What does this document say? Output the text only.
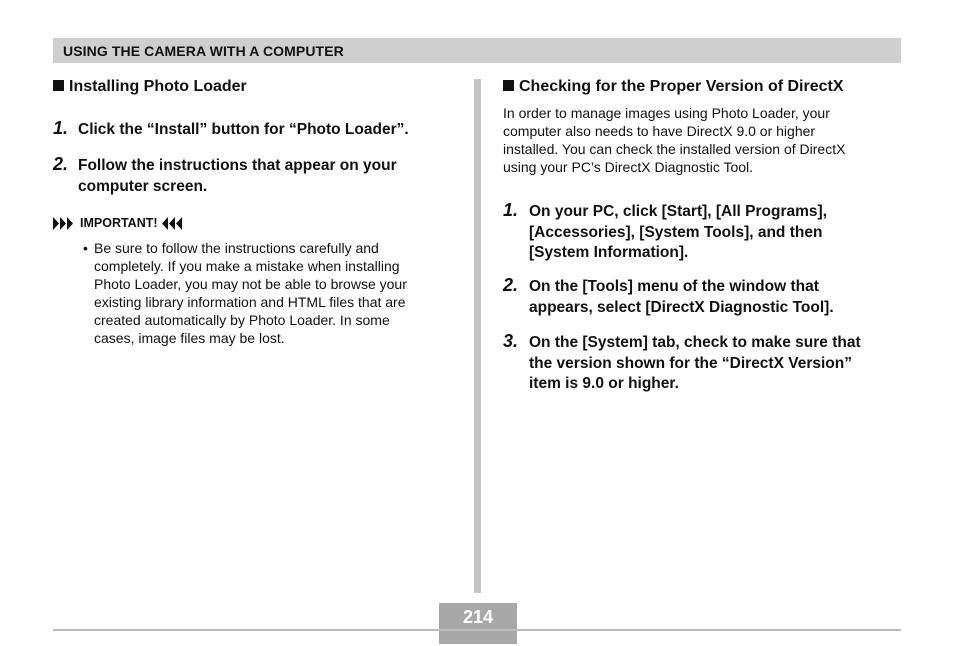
USING THE CAMERA WITH A COMPUTER
Installing Photo Loader
1. Click the “Install” button for “Photo Loader”.
2. Follow the instructions that appear on your
computer screen.
IMPORTANT!
• Be sure to follow the instructions carefully and
completely. If you make a mistake when installing
Photo Loader, you may not be able to browse your
existing library information and HTML files that are
created automatically by Photo Loader. In some
cases, image files may be lost.
Checking for the Proper Version of DirectX
In order to manage images using Photo Loader, your
computer also needs to have DirectX 9.0 or higher
installed. You can check the installed version of DirectX
using your PC’s DirectX Diagnostic Tool.
1. On your PC, click [Start], [All Programs],
[Accessories], [System Tools], and then
[System Information].
2. On the [Tools] menu of the window that
appears, select [DirectX Diagnostic Tool].
3. On the [System] tab, check to make sure that
the version shown for the “DirectX Version”
item is 9.0 or higher.
214
